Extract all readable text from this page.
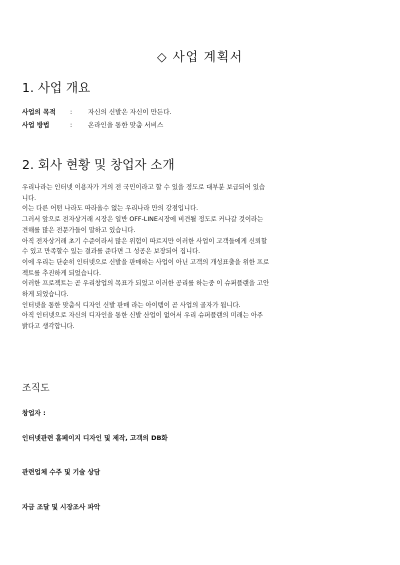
◇ 사업 계획서
1. 사업 개요
사업의 목적	:	자신의 신발은 자신이 만든다.
사업 방법	:	온라인을 통한 맞춤 서비스
2. 회사 현황 및 창업자 소개

우리나라는 인터넷 이용자가 거의 전 국민이라고 할 수 있을 정도로 대부분 보급되어 있습

니다.

이는 다른 어떤 나라도 따라올수 없는 우리나라 만의 강점입니다.

그러서 앞으로 전자상거래 시장은 일반 OFF-LINE시장에 비견될 정도로 커나갈 것이라는

견해를 많은 전문가들이 말하고 있습니다.

아직 전자상거래 초기 수준이라서 많은 위험이 따르지만 이러한 사업이 고객들에게 신뢰할

수 있고 만족할수 있는 결과를 준다면 그 성공은 보장되어 집니다.

이에 우리는 단순히 인터넷으로 신발을 판매하는 사업이 아닌 고객의 개성표출을 위한 프로

젝트를 추진하게 되었습니다.

이러한 프로젝트는 곧 우리창업의 목표가 되었고 이러한 공리를 하는중 이 슈퍼플랜을 고안

하게 되었습니다.

인터넷을 통한 맞춤식 디자인 신발 판매 라는 아이템이 곧 사업의 골자가 됩니다.

아직 인터넷으로 자신의 디자인을 통한 신발 산업이 없어서 우리 슈퍼플랜의 미래는 아주

밝다고 생각합니다.

조직도
창업자 :
인터넷관련 홈페이지 디자인 및 제작, 고객의 DB화
관련업체 수주 및 기술 상담
자금 조달 및 시장조사 파악
